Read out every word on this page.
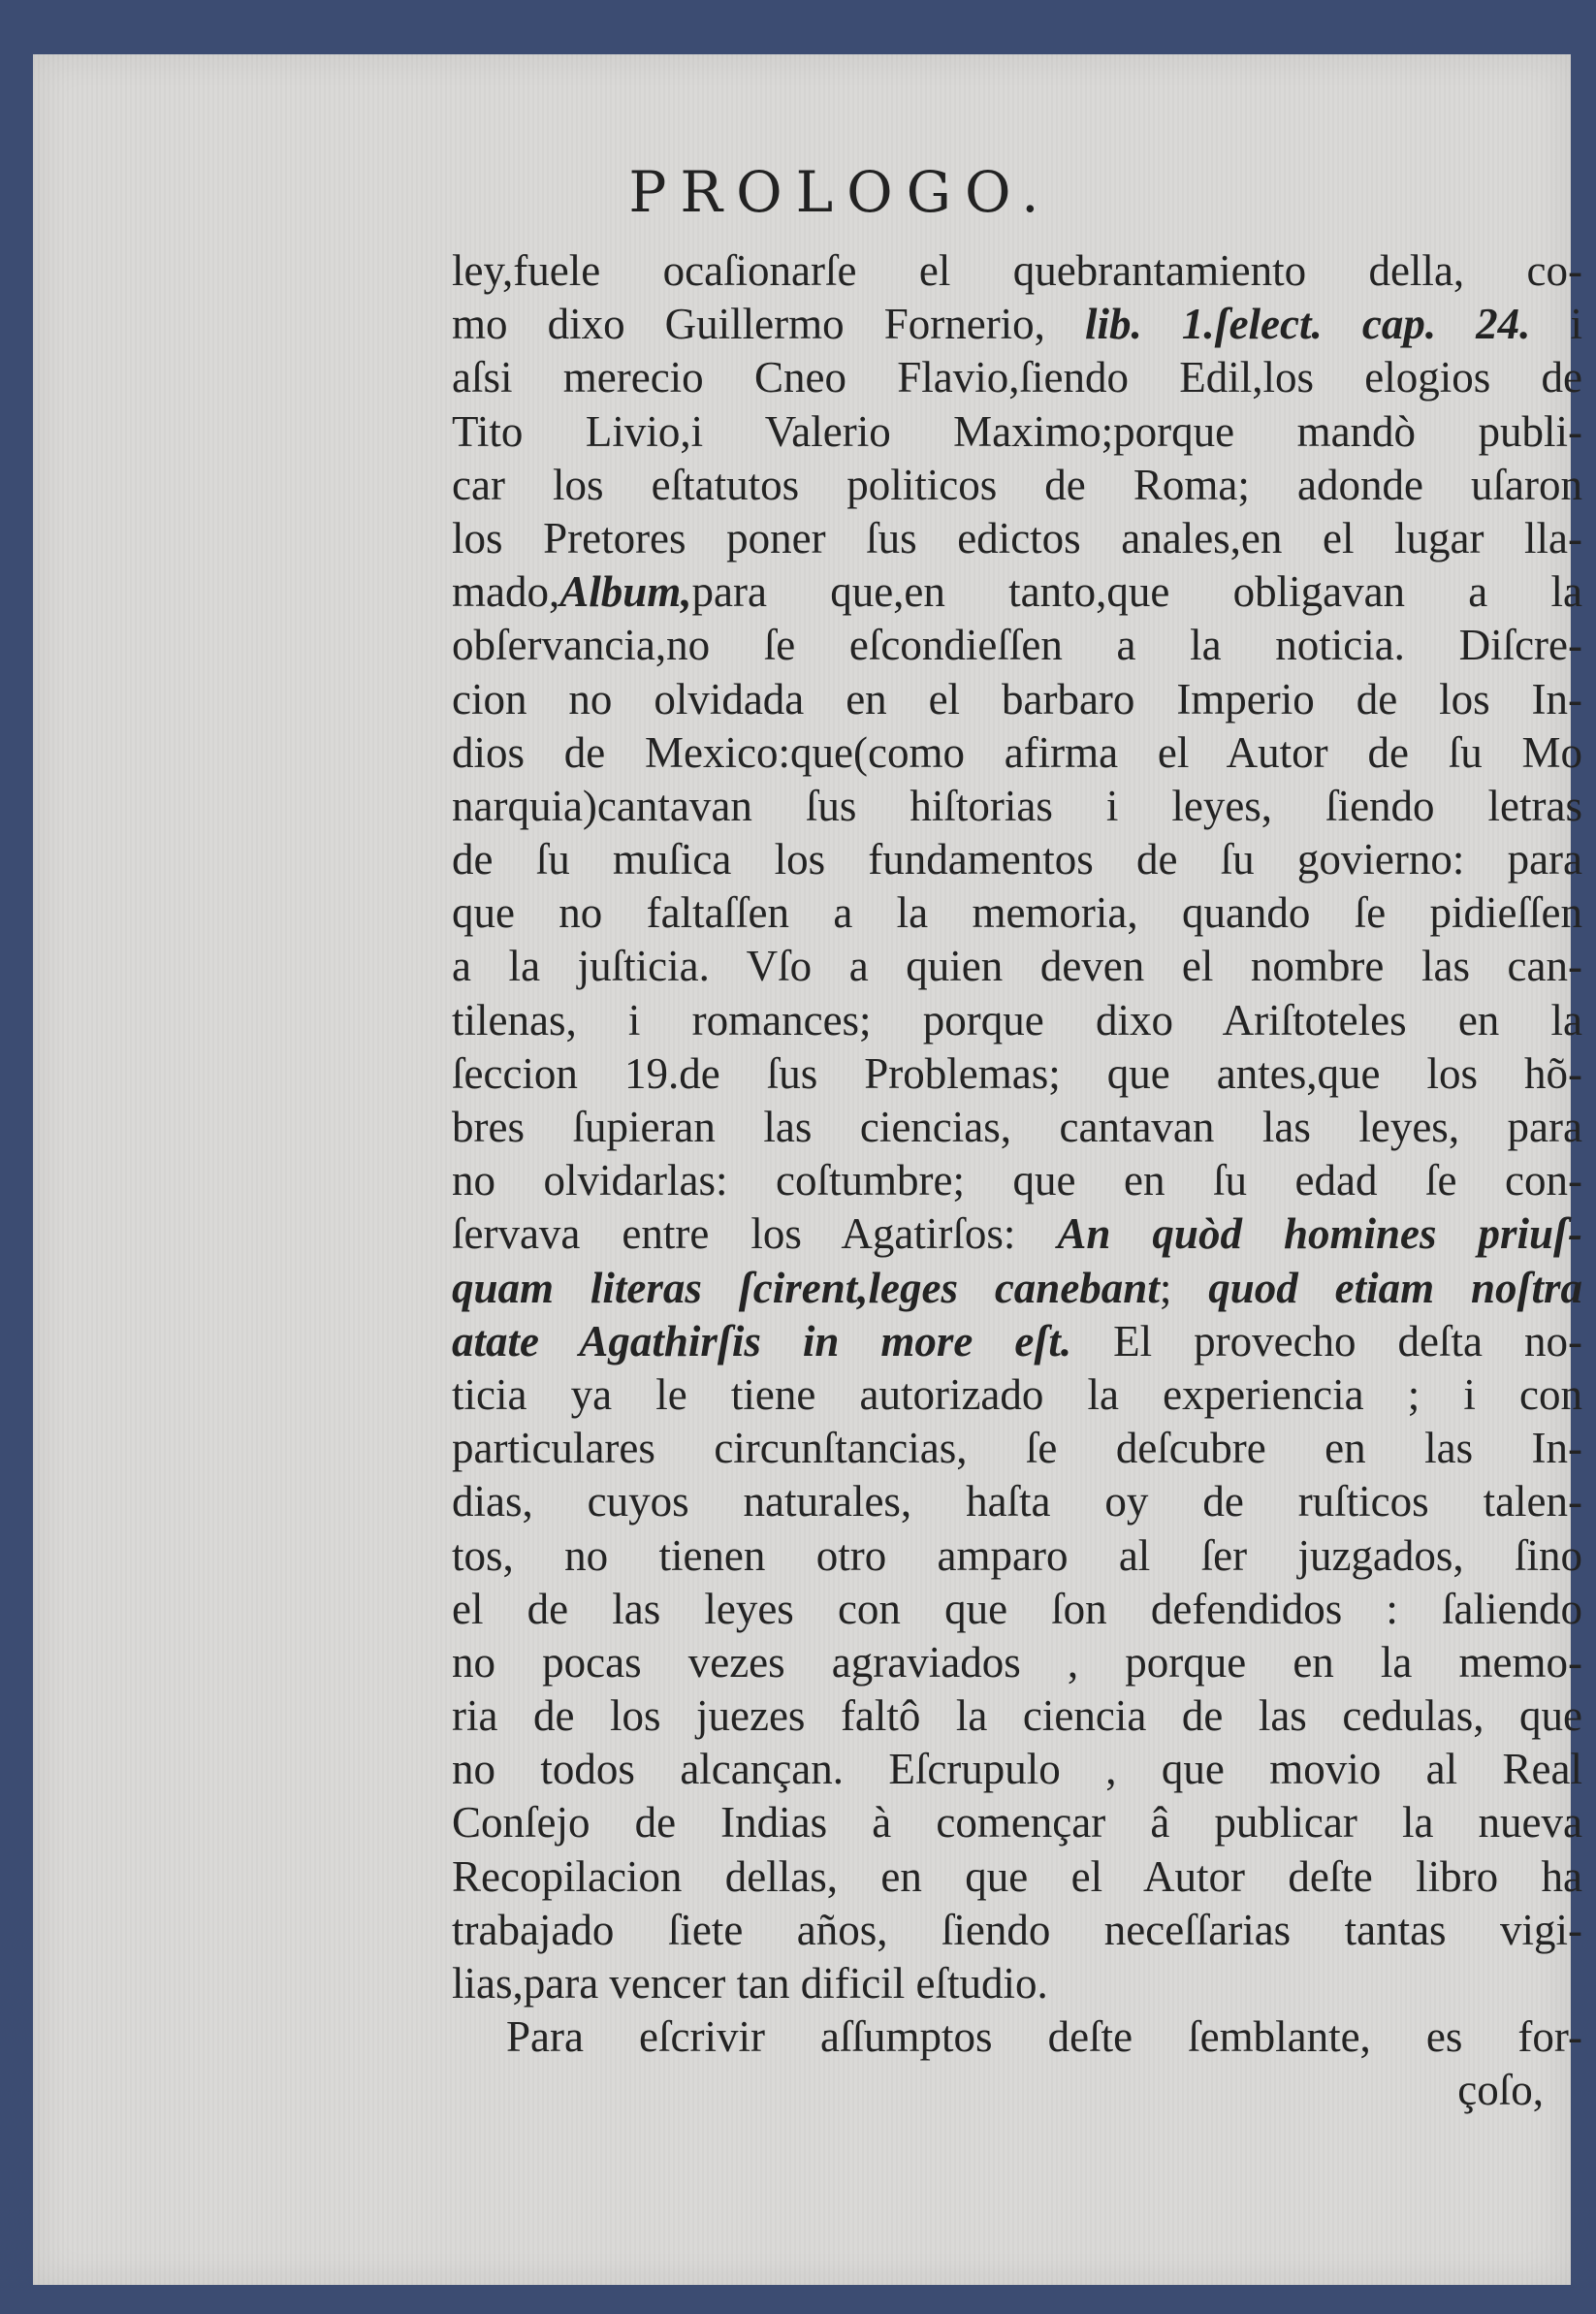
PROLOGO.
ley,fuele ocaſionarſe el quebrantamiento della, co-
mo dixo Guillermo Fornerio, lib. 1.ſelect. cap. 24. i
aſsi merecio Cneo Flavio,ſiendo Edil,los elogios de
Tito Livio,i Valerio Maximo;porque mandò publi-
car los eſtatutos politicos de Roma; adonde uſaron
los Pretores poner ſus edictos anales,en el lugar lla-
mado,Album,para que,en tanto,que obligavan a la
obſervancia,no ſe eſcondieſſen a la noticia. Diſcre-
cion no olvidada en el barbaro Imperio de los In-
dios de Mexico:que(como afirma el Autor de ſu Mo
narquia)cantavan ſus hiſtorias i leyes, ſiendo letras
de ſu muſica los fundamentos de ſu govierno: para
que no faltaſſen a la memoria, quando ſe pidieſſen
a la juſticia. Vſo a quien deven el nombre las can-
tilenas, i romances; porque dixo Ariſtoteles en la
ſeccion 19.de ſus Problemas; que antes,que los hõ-
bres ſupieran las ciencias, cantavan las leyes, para
no olvidarlas: coſtumbre; que en ſu edad ſe con-
ſervava entre los Agatirſos: An quòd homines priuſ-
quam literas ſcirent,leges canebant; quod etiam noſtra
atate Agathirſis in more eſt. El provecho deſta no-
ticia ya le tiene autorizado la experiencia ; i con
particulares circunſtancias, ſe deſcubre en las In-
dias, cuyos naturales, haſta oy de ruſticos talen-
tos, no tienen otro amparo al ſer juzgados, ſino
el de las leyes con que ſon defendidos : ſaliendo
no pocas vezes agraviados , porque en la memo-
ria de los juezes faltô la ciencia de las cedulas, que
no todos alcançan. Eſcrupulo , que movio al Real
Conſejo de Indias à començar â publicar la nueva
Recopilacion dellas, en que el Autor deſte libro ha
trabajado ſiete años, ſiendo neceſſarias tantas vigi-
lias,para vencer tan dificil eſtudio.
Para eſcrivir aſſumptos deſte ſemblante, es for-
çoſo,
